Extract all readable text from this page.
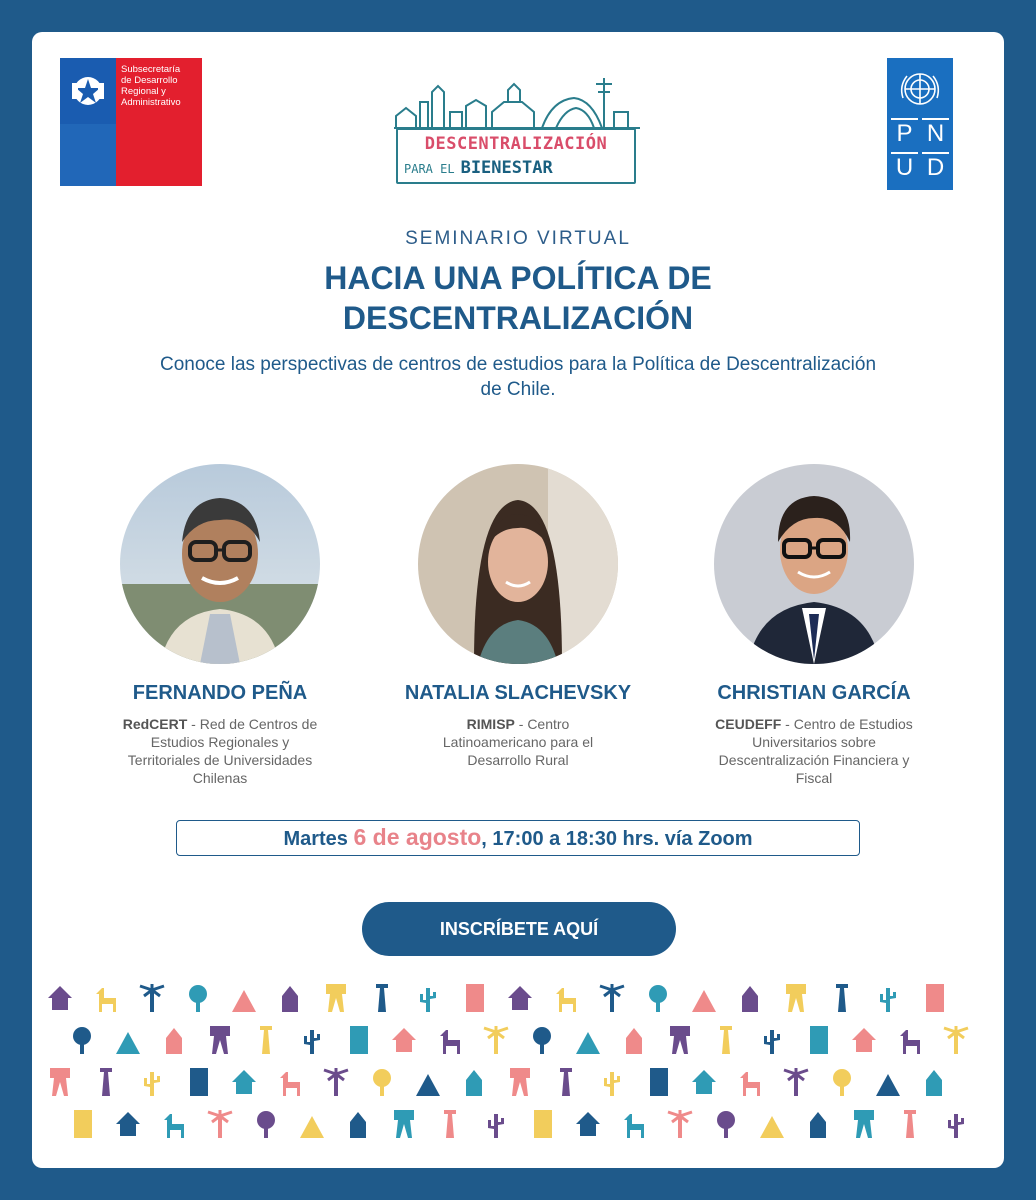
Subsecretaría
de Desarrollo
Regional y
Administrativo
DESCENTRALIZACIÓN
PARA EL BIENESTAR
P N
U D
SEMINARIO VIRTUAL
HACIA UNA POLÍTICA DE
DESCENTRALIZACIÓN
Conoce las perspectivas de centros de estudios para la Política de Descentralización de Chile.
FERNANDO PEÑA
RedCERT - Red de Centros de Estudios Regionales y Territoriales de Universidades Chilenas
NATALIA SLACHEVSKY
RIMISP - Centro Latinoamericano para el Desarrollo Rural
CHRISTIAN GARCÍA
CEUDEFF - Centro de Estudios Universitarios sobre Descentralización Financiera y Fiscal
Martes 6 de agosto, 17:00 a 18:30 hrs. vía Zoom
INSCRÍBETE AQUÍ
